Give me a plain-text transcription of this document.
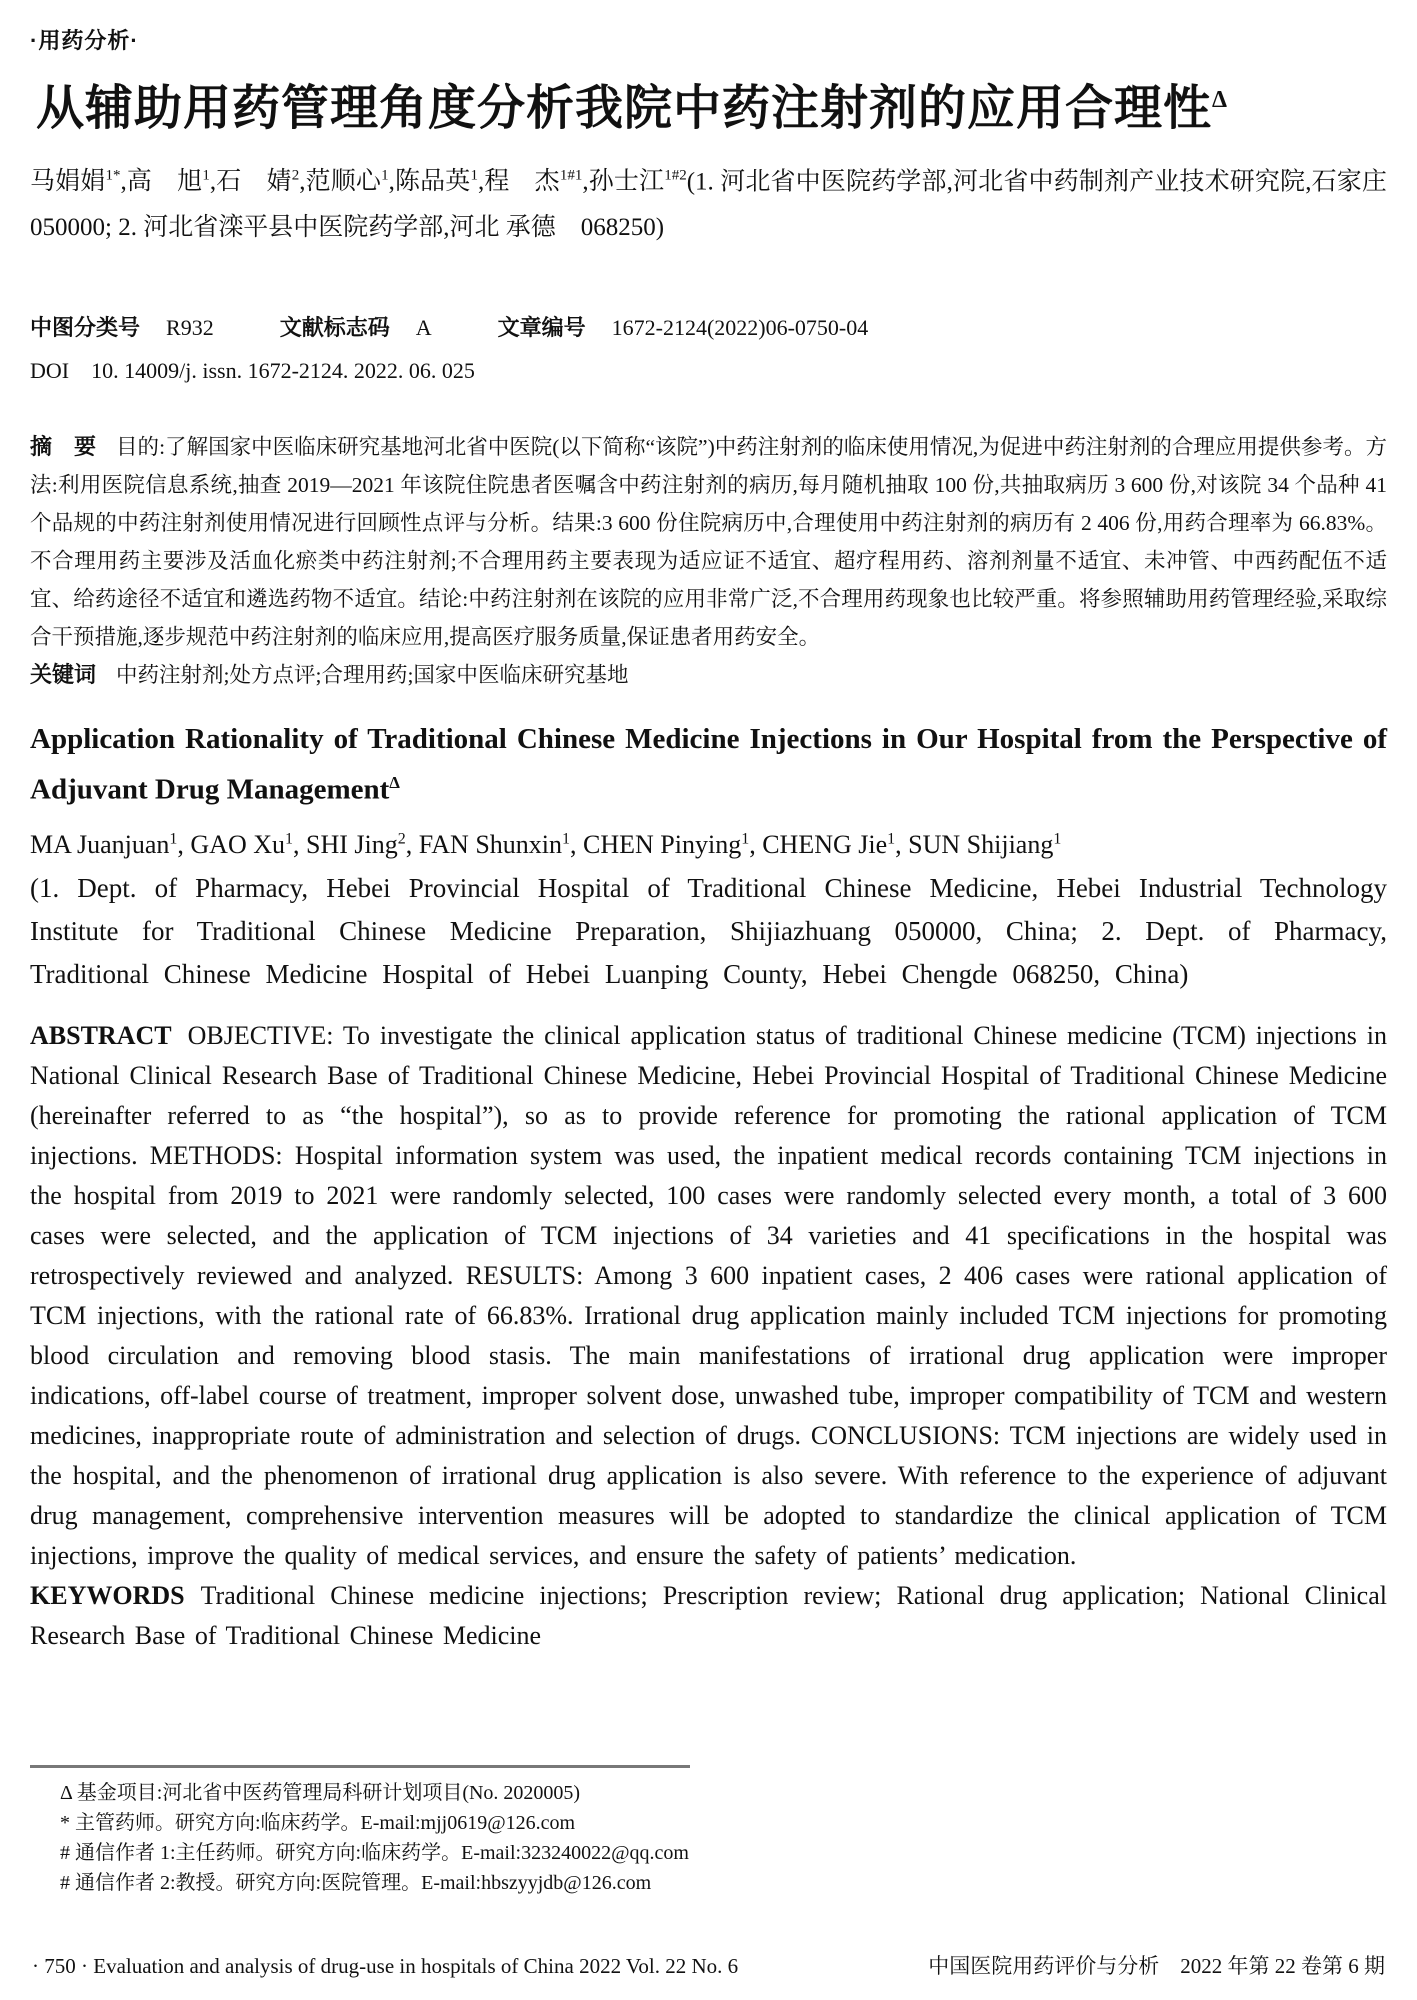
·用药分析·
从辅助用药管理角度分析我院中药注射剂的应用合理性$^\Delta$

马娟娟$^{1*}$,高　旭$^1$,石　婧$^2$,范顺心$^1$,陈品英$^1$,程　杰$^{1\#1}$,孙士江$^{1\#2}$(1. 河北省中医院药学部,河北省中药制剂产业技术研究院,石家庄　050000; 2. 河北省滦平县中医院药学部,河北 承德　068250)

中图分类号 R932	文献标志码 A	文章编号 1672-2124(2022)06-0750-04
DOI 10. 14009/j. issn. 1672-2124. 2022. 06. 025

摘　要 目的:了解国家中医临床研究基地河北省中医院(以下简称“该院”)中药注射剂的临床使用情况,为促进中药注射剂的合理应用提供参考。方法:利用医院信息系统,抽查 2019—2021 年该院住院患者医嘱含中药注射剂的病历,每月随机抽取 100 份,共抽取病历 3 600 份,对该院 34 个品种 41 个品规的中药注射剂使用情况进行回顾性点评与分析。结果:3 600 份住院病历中,合理使用中药注射剂的病历有 2 406 份,用药合理率为 66.83%。不合理用药主要涉及活血化瘀类中药注射剂;不合理用药主要表现为适应证不适宜、超疗程用药、溶剂剂量不适宜、未冲管、中西药配伍不适宜、给药途径不适宜和遴选药物不适宜。结论:中药注射剂在该院的应用非常广泛,不合理用药现象也比较严重。将参照辅助用药管理经验,采取综合干预措施,逐步规范中药注射剂的临床应用,提高医疗服务质量,保证患者用药安全。

关键词 中药注射剂;处方点评;合理用药;国家中医临床研究基地

Application Rationality of Traditional Chinese Medicine Injections in Our Hospital from the Perspective of Adjuvant Drug Management$^\Delta$

MA Juanjuan$^1$, GAO Xu$^1$, SHI Jing$^2$, FAN Shunxin$^1$, CHEN Pinying$^1$, CHENG Jie$^1$, SUN Shijiang$^1$

(1. Dept. of Pharmacy, Hebei Provincial Hospital of Traditional Chinese Medicine, Hebei Industrial Technology Institute for Traditional Chinese Medicine Preparation, Shijiazhuang 050000, China; 2. Dept. of Pharmacy, Traditional Chinese Medicine Hospital of Hebei Luanping County, Hebei Chengde 068250, China)

ABSTRACT OBJECTIVE: To investigate the clinical application status of traditional Chinese medicine (TCM) injections in National Clinical Research Base of Traditional Chinese Medicine, Hebei Provincial Hospital of Traditional Chinese Medicine (hereinafter referred to as “the hospital”), so as to provide reference for promoting the rational application of TCM injections. METHODS: Hospital information system was used, the inpatient medical records containing TCM injections in the hospital from 2019 to 2021 were randomly selected, 100 cases were randomly selected every month, a total of 3 600 cases were selected, and the application of TCM injections of 34 varieties and 41 specifications in the hospital was retrospectively reviewed and analyzed. RESULTS: Among 3 600 inpatient cases, 2 406 cases were rational application of TCM injections, with the rational rate of 66.83%. Irrational drug application mainly included TCM injections for promoting blood circulation and removing blood stasis. The main manifestations of irrational drug application were improper indications, off-label course of treatment, improper solvent dose, unwashed tube, improper compatibility of TCM and western medicines, inappropriate route of administration and selection of drugs. CONCLUSIONS: TCM injections are widely used in the hospital, and the phenomenon of irrational drug application is also severe. With reference to the experience of adjuvant drug management, comprehensive intervention measures will be adopted to standardize the clinical application of TCM injections, improve the quality of medical services, and ensure the safety of patients’ medication.

KEYWORDS Traditional Chinese medicine injections; Prescription review; Rational drug application; National Clinical Research Base of Traditional Chinese Medicine

Δ 基金项目:河北省中医药管理局科研计划项目(No. 2020005)
* 主管药师。研究方向:临床药学。E-mail:mjj0619@126.com
# 通信作者 1:主任药师。研究方向:临床药学。E-mail:323240022@qq.com
# 通信作者 2:教授。研究方向:医院管理。E-mail:hbszyyjdb@126.com
· 750 · Evaluation and analysis of drug-use in hospitals of China 2022 Vol. 22 No. 6	中国医院用药评价与分析　2022 年第 22 卷第 6 期
